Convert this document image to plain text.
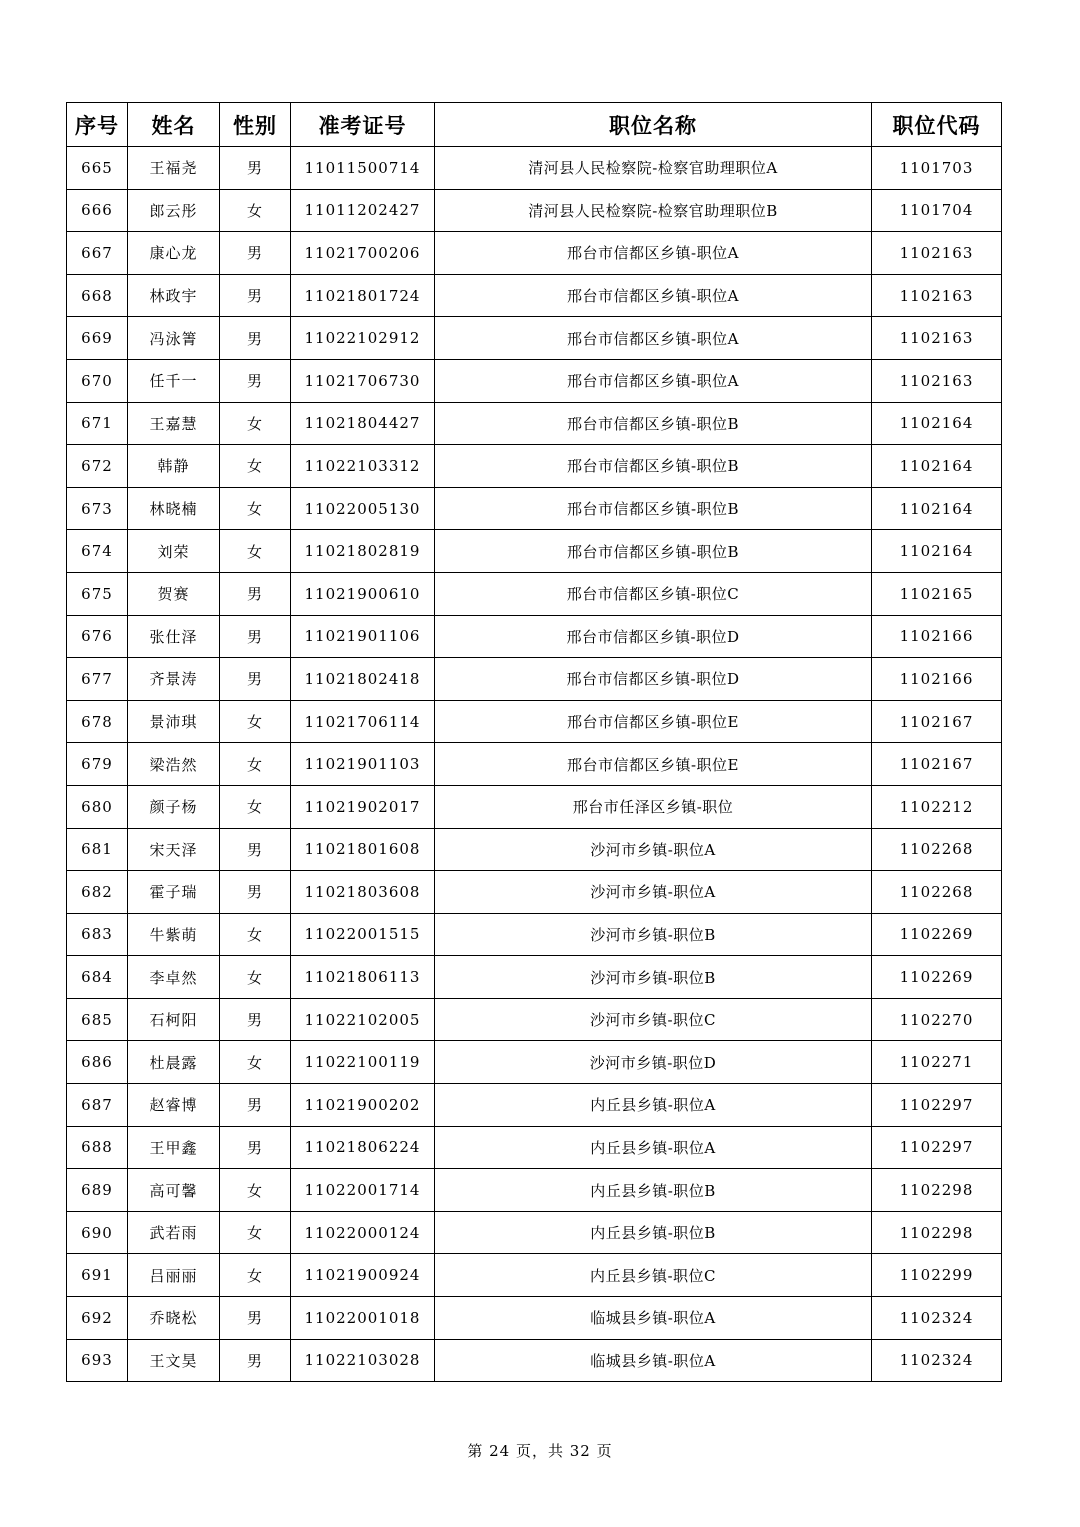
序号	姓名	性别	准考证号	职位名称	职位代码
665	王福尧	男	11011500714	清河县人民检察院-检察官助理职位A	1101703
666	郎云彤	女	11011202427	清河县人民检察院-检察官助理职位B	1101704
667	康心龙	男	11021700206	邢台市信都区乡镇-职位A	1102163
668	林政宇	男	11021801724	邢台市信都区乡镇-职位A	1102163
669	冯泳箐	男	11022102912	邢台市信都区乡镇-职位A	1102163
670	任千一	男	11021706730	邢台市信都区乡镇-职位A	1102163
671	王嘉慧	女	11021804427	邢台市信都区乡镇-职位B	1102164
672	韩静	女	11022103312	邢台市信都区乡镇-职位B	1102164
673	林晓楠	女	11022005130	邢台市信都区乡镇-职位B	1102164
674	刘荣	女	11021802819	邢台市信都区乡镇-职位B	1102164
675	贺赛	男	11021900610	邢台市信都区乡镇-职位C	1102165
676	张仕泽	男	11021901106	邢台市信都区乡镇-职位D	1102166
677	齐景涛	男	11021802418	邢台市信都区乡镇-职位D	1102166
678	景沛琪	女	11021706114	邢台市信都区乡镇-职位E	1102167
679	梁浩然	女	11021901103	邢台市信都区乡镇-职位E	1102167
680	颜子杨	女	11021902017	邢台市任泽区乡镇-职位	1102212
681	宋天泽	男	11021801608	沙河市乡镇-职位A	1102268
682	霍子瑞	男	11021803608	沙河市乡镇-职位A	1102268
683	牛紫萌	女	11022001515	沙河市乡镇-职位B	1102269
684	李卓然	女	11021806113	沙河市乡镇-职位B	1102269
685	石柯阳	男	11022102005	沙河市乡镇-职位C	1102270
686	杜晨露	女	11022100119	沙河市乡镇-职位D	1102271
687	赵睿博	男	11021900202	内丘县乡镇-职位A	1102297
688	王甲鑫	男	11021806224	内丘县乡镇-职位A	1102297
689	高可馨	女	11022001714	内丘县乡镇-职位B	1102298
690	武若雨	女	11022000124	内丘县乡镇-职位B	1102298
691	吕丽丽	女	11021900924	内丘县乡镇-职位C	1102299
692	乔晓松	男	11022001018	临城县乡镇-职位A	1102324
693	王文昊	男	11022103028	临城县乡镇-职位A	1102324
第 24 页，共 32 页
